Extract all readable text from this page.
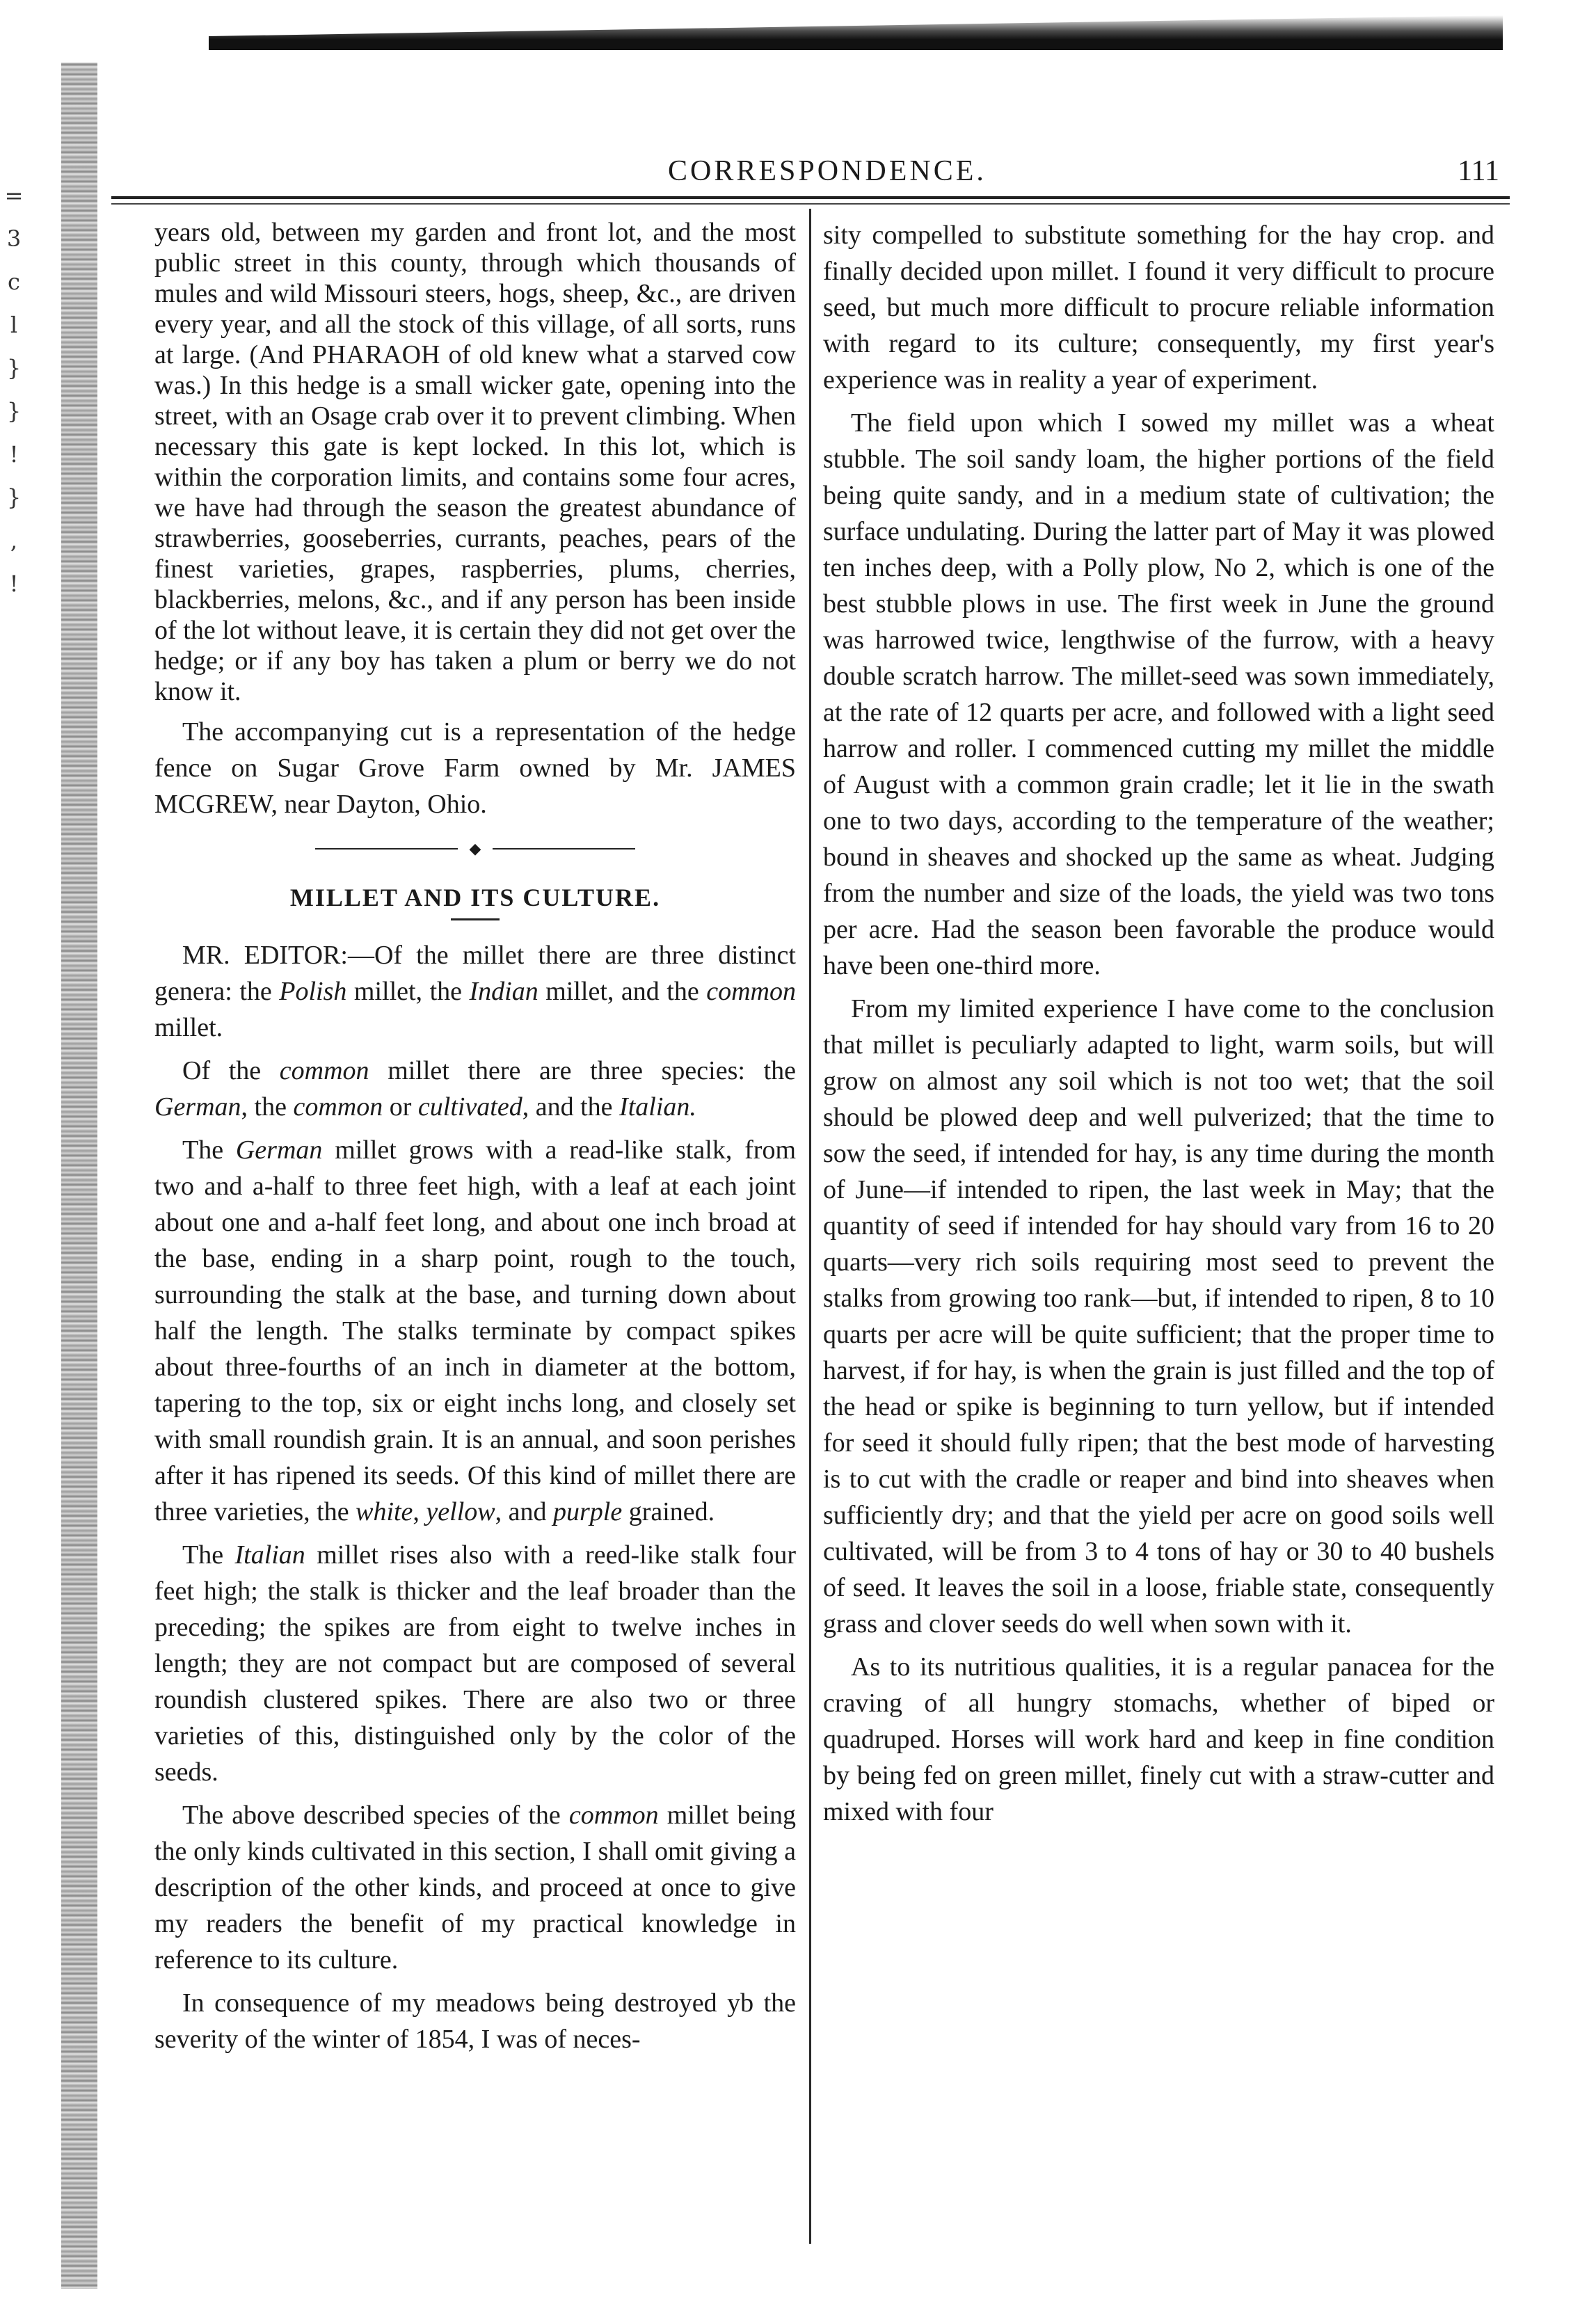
=
3
c
l
}
}
!
}
,
!
CORRESPONDENCE.	111

years old, between my garden and front lot, and the most public street in this county, through which thousands of mules and wild Missouri steers, hogs, sheep, &c., are driven every year, and all the stock of this village, of all sorts, runs at large. (And PHARAOH of old knew what a starved cow was.) In this hedge is a small wicker gate, opening into the street, with an Osage crab over it to prevent climbing. When necessary this gate is kept locked. In this lot, which is within the corporation limits, and contains some four acres, we have had through the season the greatest abundance of strawberries, gooseberries, currants, peaches, pears of the finest varieties, grapes, raspberries, plums, cherries, blackberries, melons, &c., and if any person has been inside of the lot without leave, it is certain they did not get over the hedge; or if any boy has taken a plum or berry we do not know it.

The accompanying cut is a representation of the hedge fence on Sugar Grove Farm owned by Mr. JAMES MCGREW, near Dayton, Ohio.

◆
MILLET AND ITS CULTURE.

MR. EDITOR:—Of the millet there are three distinct genera: the Polish millet, the Indian millet, and the common millet.

Of the common millet there are three species: the German, the common or cultivated, and the Italian.

The German millet grows with a read-like stalk, from two and a-half to three feet high, with a leaf at each joint about one and a-half feet long, and about one inch broad at the base, ending in a sharp point, rough to the touch, surrounding the stalk at the base, and turning down about half the length. The stalks terminate by compact spikes about three-fourths of an inch in diameter at the bottom, tapering to the top, six or eight inchs long, and closely set with small roundish grain. It is an annual, and soon perishes after it has ripened its seeds. Of this kind of millet there are three varieties, the white, yellow, and purple grained.

The Italian millet rises also with a reed-like stalk four feet high; the stalk is thicker and the leaf broader than the preceding; the spikes are from eight to twelve inches in length; they are not compact but are composed of several roundish clustered spikes. There are also two or three varieties of this, distinguished only by the color of the seeds.

The above described species of the common millet being the only kinds cultivated in this section, I shall omit giving a description of the other kinds, and proceed at once to give my readers the benefit of my practical knowledge in reference to its culture.

In consequence of my meadows being destroyed yb the severity of the winter of 1854, I was of neces-

sity compelled to substitute something for the hay crop. and finally decided upon millet. I found it very difficult to procure seed, but much more difficult to procure reliable information with regard to its culture; consequently, my first year's experience was in reality a year of experiment.

The field upon which I sowed my millet was a wheat stubble. The soil sandy loam, the higher portions of the field being quite sandy, and in a medium state of cultivation; the surface undulating. During the latter part of May it was plowed ten inches deep, with a Polly plow, No 2, which is one of the best stubble plows in use. The first week in June the ground was harrowed twice, lengthwise of the furrow, with a heavy double scratch harrow. The millet-seed was sown immediately, at the rate of 12 quarts per acre, and followed with a light seed harrow and roller. I commenced cutting my millet the middle of August with a common grain cradle; let it lie in the swath one to two days, according to the temperature of the weather; bound in sheaves and shocked up the same as wheat. Judging from the number and size of the loads, the yield was two tons per acre. Had the season been favorable the produce would have been one-third more.

From my limited experience I have come to the conclusion that millet is peculiarly adapted to light, warm soils, but will grow on almost any soil which is not too wet; that the soil should be plowed deep and well pulverized; that the time to sow the seed, if intended for hay, is any time during the month of June—if intended to ripen, the last week in May; that the quantity of seed if intended for hay should vary from 16 to 20 quarts—very rich soils requiring most seed to prevent the stalks from growing too rank—but, if intended to ripen, 8 to 10 quarts per acre will be quite sufficient; that the proper time to harvest, if for hay, is when the grain is just filled and the top of the head or spike is beginning to turn yellow, but if intended for seed it should fully ripen; that the best mode of harvesting is to cut with the cradle or reaper and bind into sheaves when sufficiently dry; and that the yield per acre on good soils well cultivated, will be from 3 to 4 tons of hay or 30 to 40 bushels of seed. It leaves the soil in a loose, friable state, consequently grass and clover seeds do well when sown with it.

As to its nutritious qualities, it is a regular panacea for the craving of all hungry stomachs, whether of biped or quadruped. Horses will work hard and keep in fine condition by being fed on green millet, finely cut with a straw-cutter and mixed with four
